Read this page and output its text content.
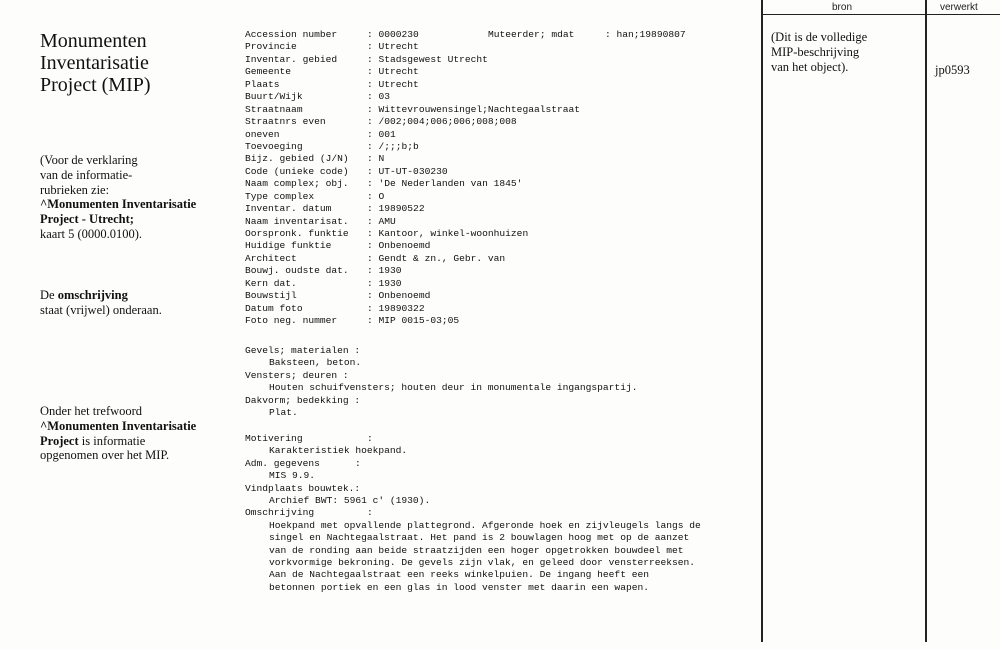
Monumenten
Inventarisatie
Project (MIP)
(Voor de verklaring
van de informatie-
rubrieken zie:
^Monumenten Inventarisatie
Project - Utrecht;
kaart 5 (0000.0100).
De omschrijving
staat (vrijwel) onderaan.
Onder het trefwoord
^Monumenten Inventarisatie
Project is informatie
opgenomen over het MIP.
Accession number	: 0000230	Muteerder; mdat	: han;19890807
Provincie	: Utrecht
Inventar. gebied	: Stadsgewest Utrecht
Gemeente	: Utrecht
Plaats	: Utrecht
Buurt/Wijk	: 03
Straatnaam	: Wittevrouwensingel;Nachtegaalstraat
Straatnrs even	: /002;004;006;006;008;008
oneven	: 001
Toevoeging	: /;;;b;b
Bijz. gebied (J/N) : N
Code (unieke code) : UT-UT-030230
Naam complex; obj. : 'De Nederlanden van 1845'
Type complex	: O
Inventar. datum	: 19890522
Naam inventarisat. : AMU
Oorspronk. funktie : Kantoor, winkel-woonhuizen
Huidige funktie	: Onbenoemd
Architect	: Gendt & zn., Gebr. van
Bouwj. oudste dat. : 1930
Kern dat.	: 1930
Bouwstijl	: Onbenoemd
Datum foto	: 19890322
Foto neg. nummer	: MIP 0015-03;05
Gevels; materialen :
Baksteen, beton.
Vensters; deuren :
Houten schuifvensters; houten deur in monumentale ingangspartij.
Dakvorm; bedekking :
Plat.
Motivering	:
Karakteristiek hoekpand.
Adm. gegevens	:
MIS 9.9.
Vindplaats bouwtek.:
Archief BWT: 5961 c' (1930).
Omschrijving	:
Hoekpand met opvallende plattegrond. Afgeronde hoek en zijvleugels langs de
singel en Nachtegaalstraat. Het pand is 2 bouwlagen hoog met op de aanzet
van de ronding aan beide straatzijden een hoger opgetrokken bouwdeel met
vorkvormige bekroning. De gevels zijn vlak, en geleed door vensterreeksen.
Aan de Nachtegaalstraat een reeks winkelpuien. De ingang heeft een
betonnen portiek en een glas in lood venster met daarin een wapen.
bron	verwerkt
(Dit is de volledige
MIP-beschrijving
van het object).	jp0593
